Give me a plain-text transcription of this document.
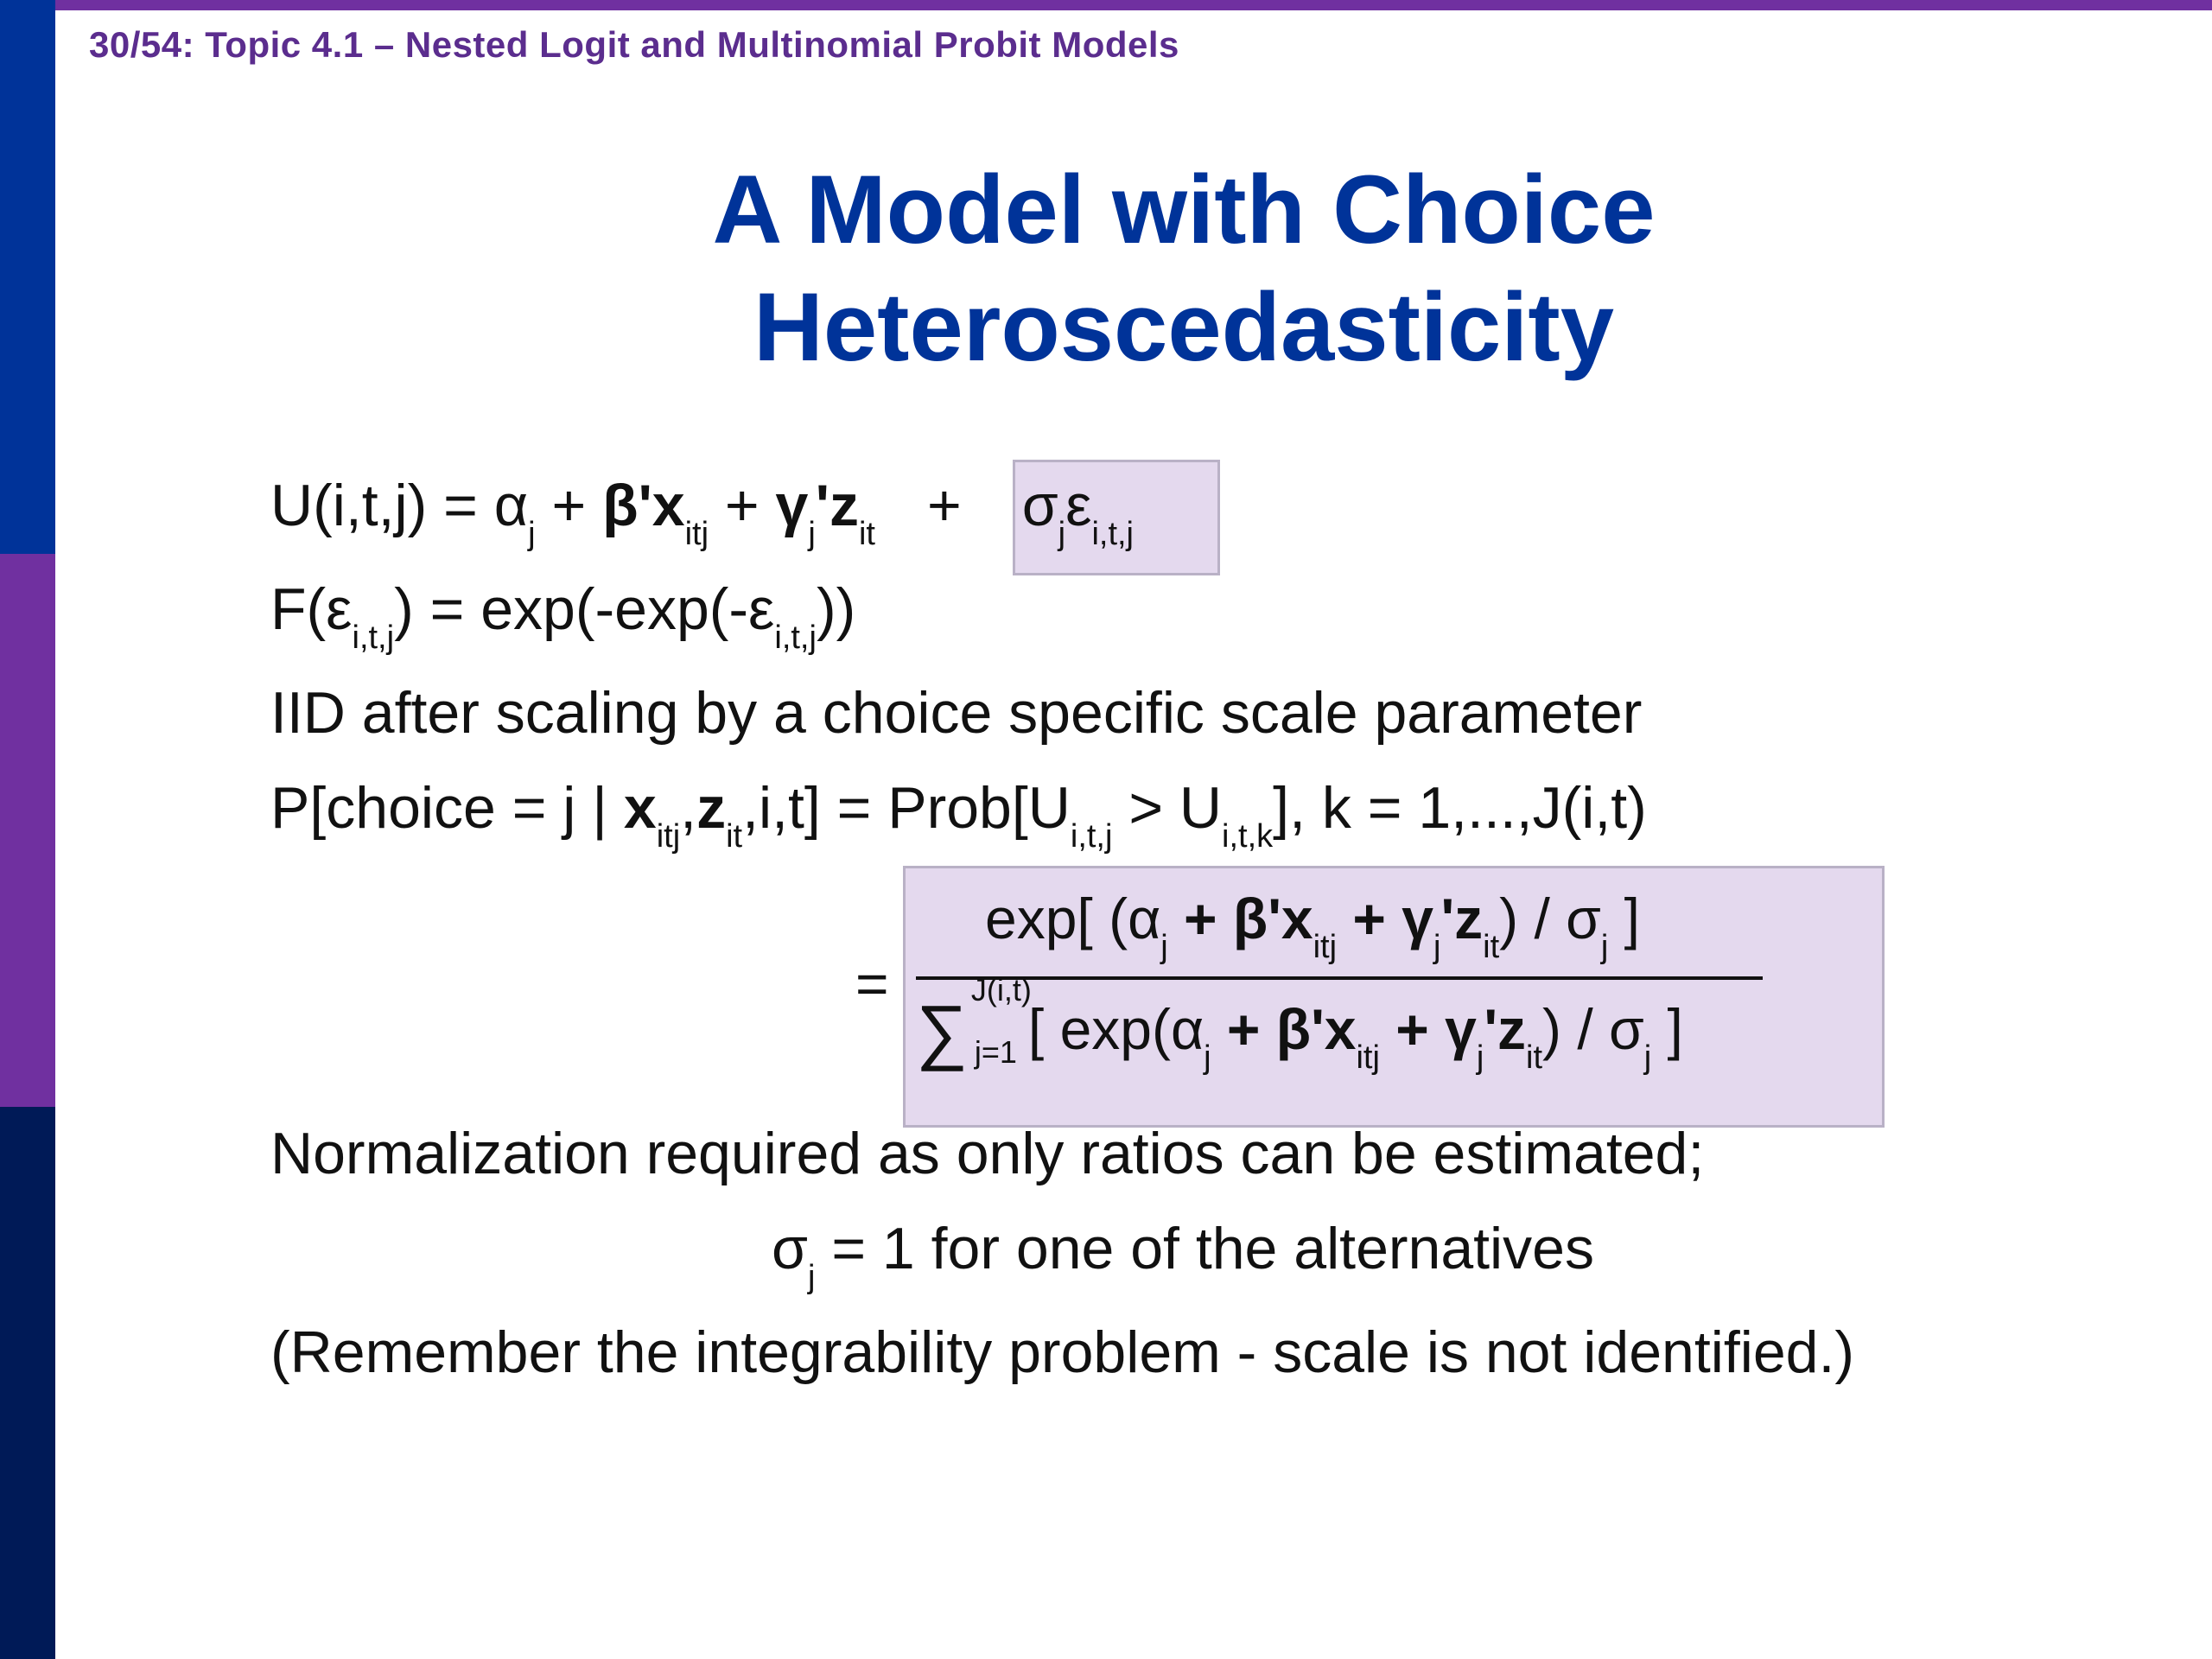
30/54: Topic 4.1 – Nested Logit and Multinomial Probit Models
A Model with Choice
Heteroscedasticity
$U(i,t,j) = \alpha_j + \beta'x_{itj} + \gamma_j'z_{it} + \sigma_j\varepsilon_{i,t,j}$
$F(\varepsilon_{i,t,j}) = \exp(-\exp(-\varepsilon_{i,t,j}))$
IID after scaling by a choice specific scale parameter
P[choice = j | $x_{itj},z_{it},i,t$] = $Prob[U_{i,t,j} > U_{i,t,k}]$, k = 1,...,J(i,t)
=
exp[ $(\alpha_j + \beta'x_{itj} + \gamma_j'z_{it}) / \sigma_j$ ]
∑
J(i,t)
j=1 [ $\exp(\alpha_j + \beta'x_{itj} + \gamma_j'z_{it}) / \sigma_j$ ]
Normalization required as only ratios can be estimated;
$\sigma_j = 1$ for one of the alternatives
(Remember the integrability problem - scale is not identified.)
